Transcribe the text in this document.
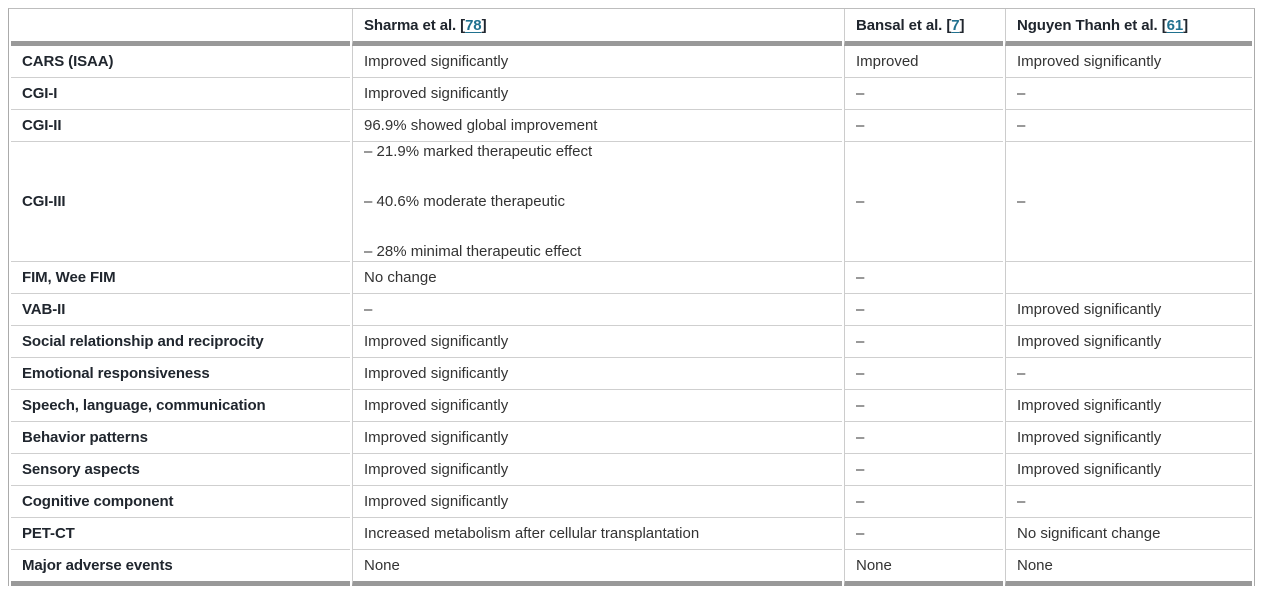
	Sharma et al. [78]	Bansal et al. [7]	Nguyen Thanh et al. [61]
CARS (ISAA)	Improved significantly	Improved	Improved significantly
CGI-I	Improved significantly	–	–
CGI-II	96.9% showed global improvement	–	–
CGI-III	– 21.9% marked therapeutic effect
– 40.6% moderate therapeutic
– 28% minimal therapeutic effect	–	–
FIM, Wee FIM	No change	–	
VAB-II	–	–	Improved significantly
Social relationship and reciprocity	Improved significantly	–	Improved significantly
Emotional responsiveness	Improved significantly	–	–
Speech, language, communication	Improved significantly	–	Improved significantly
Behavior patterns	Improved significantly	–	Improved significantly
Sensory aspects	Improved significantly	–	Improved significantly
Cognitive component	Improved significantly	–	–
PET-CT	Increased metabolism after cellular transplantation	–	No significant change
Major adverse events	None	None	None
